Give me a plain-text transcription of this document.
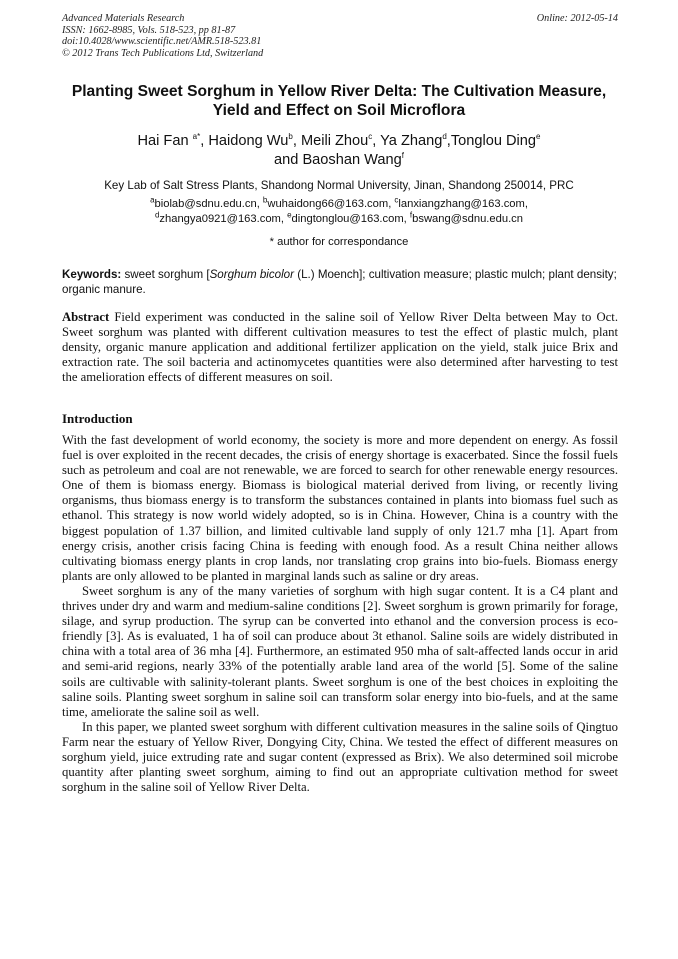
Advanced Materials Research
ISSN: 1662-8985, Vols. 518-523, pp 81-87
doi:10.4028/www.scientific.net/AMR.518-523.81
© 2012 Trans Tech Publications Ltd, Switzerland
Online: 2012-05-14
Planting Sweet Sorghum in Yellow River Delta: The Cultivation Measure,
Yield and Effect on Soil Microflora
Hai Fan $^{a*}$, Haidong Wu$^b$, Meili Zhou$^c$, Ya Zhang$^d$,Tonglou Ding$^e$
and Baoshan Wang$^f$
Key Lab of Salt Stress Plants, Shandong Normal University, Jinan, Shandong 250014, PRC
$^a$biolab@sdnu.edu.cn, $^b$wuhaidong66@163.com, $^c$lanxiangzhang@163.com,
$^d$zhangya0921@163.com, $^e$dingtonglou@163.com, $^f$bswang@sdnu.edu.cn
* author for correspondance
Keywords: sweet sorghum [Sorghum bicolor (L.) Moench]; cultivation measure; plastic mulch; plant density; organic manure.
Abstract Field experiment was conducted in the saline soil of Yellow River Delta between May to Oct. Sweet sorghum was planted with different cultivation measures to test the effect of plastic mulch, plant density, organic manure application and additional fertilizer application on the yield, stalk juice Brix and extraction rate. The soil bacteria and actinomycetes quantities were also determined after harvesting to test the amelioration effects of different measures on soil.
Introduction

With the fast development of world economy, the society is more and more dependent on energy. As fossil fuel is over exploited in the recent decades, the crisis of energy shortage is exacerbated. Since the fossil fuels such as petroleum and coal are not renewable, we are forced to search for other renewable energy resources. One of them is biomass energy. Biomass is biological material derived from living, or recently living organisms, thus biomass energy is to transform the substances contained in plants into biomass fuel such as ethanol. This strategy is now world widely adopted, so is in China. However, China is a country with the biggest population of 1.37 billion, and limited cultivable land supply of only 121.7 mha [1]. Apart from energy crisis, another crisis facing China is feeding with enough food. As a result China neither allows cultivating biomass energy plants in crop lands, nor translating crop grains into bio-fuels. Biomass energy plants are only allowed to be planted in marginal lands such as saline or dry areas.

Sweet sorghum is any of the many varieties of sorghum with high sugar content. It is a C4 plant and thrives under dry and warm and medium-saline conditions [2]. Sweet sorghum is grown primarily for forage, silage, and syrup production. The syrup can be converted into ethanol and the conversion process is eco-friendly [3]. As is evaluated, 1 ha of soil can produce about 3t ethanol. Saline soils are widely distributed in china with a total area of 36 mha [4]. Furthermore, an estimated 950 mha of salt-affected lands occur in arid and semi-arid regions, nearly 33% of the potentially arable land area of the world [5]. Some of the saline soils are cultivable with salinity-tolerant plants. Sweet sorghum is one of the best choices in exploiting the saline soils. Planting sweet sorghum in saline soil can transform solar energy into bio-fuels, and at the same time, ameliorate the saline soil as well.

In this paper, we planted sweet sorghum with different cultivation measures in the saline soils of Qingtuo Farm near the estuary of Yellow River, Dongying City, China. We tested the effect of different measures on sorghum yield, juice extruding rate and sugar content (expressed as Brix). We also determined soil microbe quantity after planting sweet sorghum, aiming to find out an appropriate cultivation method for sweet sorghum in the saline soil of Yellow River Delta.
